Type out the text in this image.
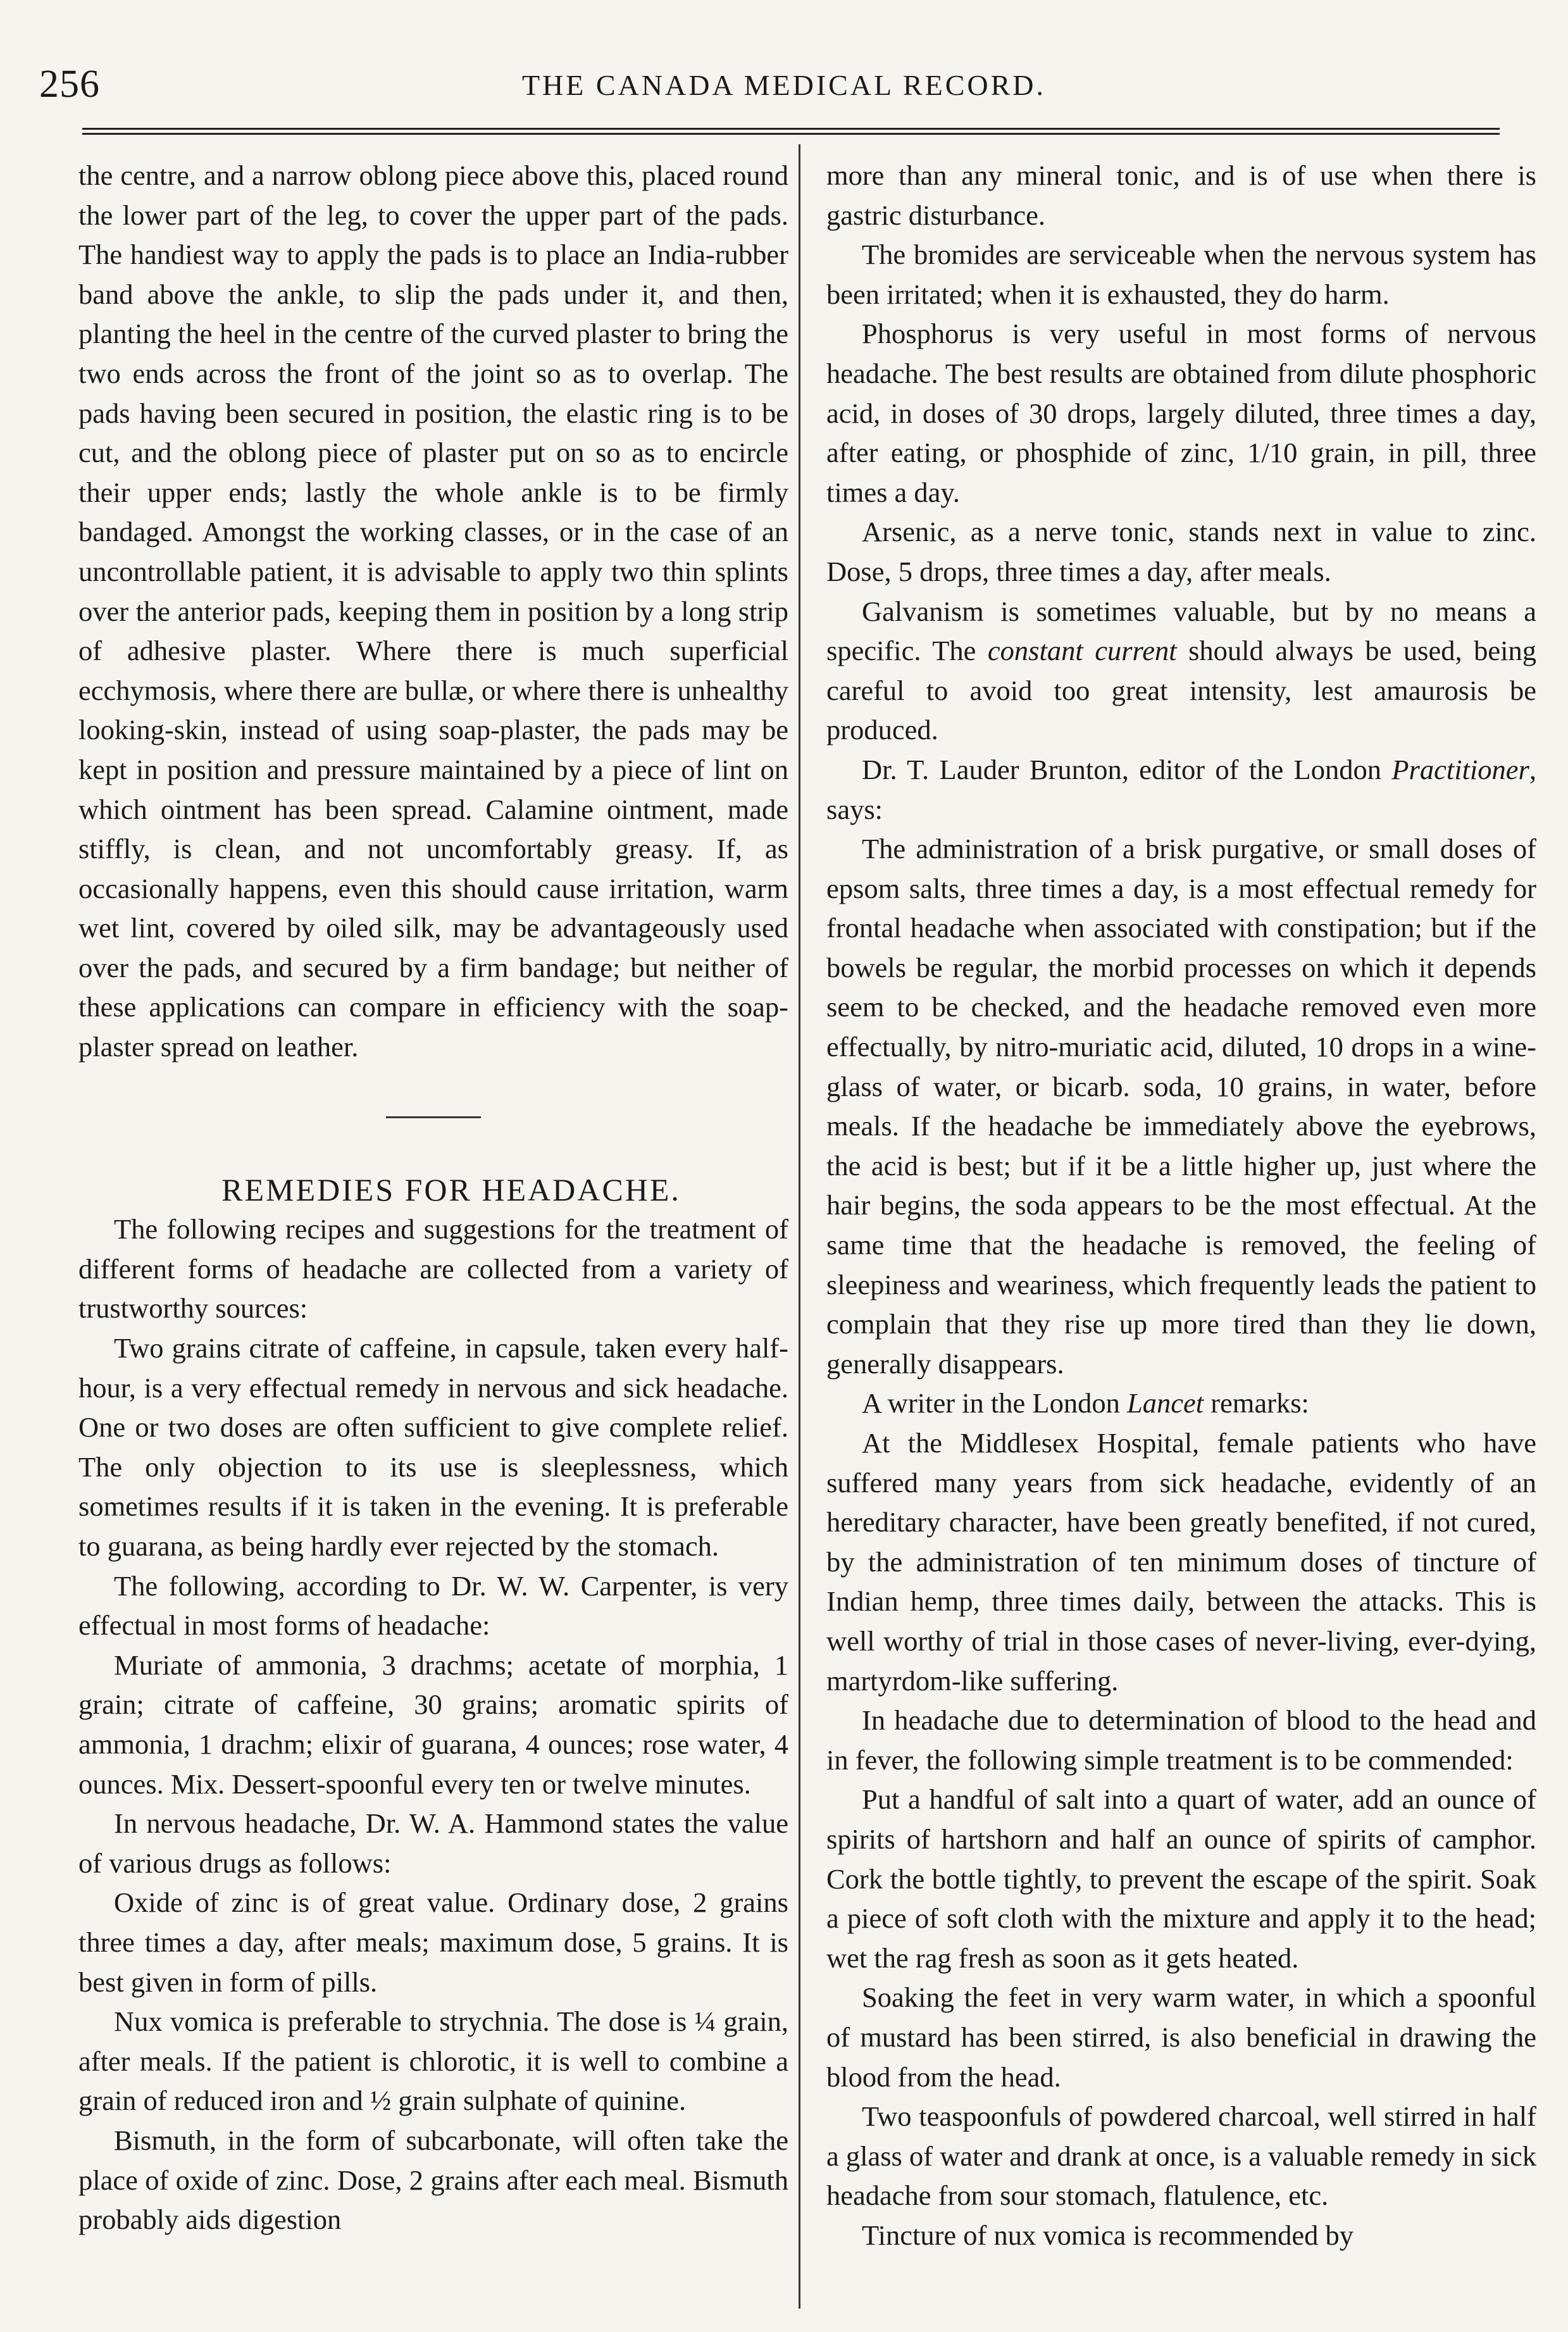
256	THE CANADA MEDICAL RECORD.

the centre, and a narrow oblong piece above this, placed round the lower part of the leg, to cover the upper part of the pads. The handiest way to apply the pads is to place an India-rubber band above the ankle, to slip the pads under it, and then, planting the heel in the centre of the curved plaster to bring the two ends across the front of the joint so as to overlap. The pads having been secured in position, the elastic ring is to be cut, and the oblong piece of plaster put on so as to encircle their upper ends; lastly the whole ankle is to be firmly bandaged. Amongst the working classes, or in the case of an uncontrollable patient, it is advisable to apply two thin splints over the anterior pads, keeping them in position by a long strip of adhesive plaster. Where there is much superficial ecchymosis, where there are bullæ, or where there is unhealthy looking-skin, instead of using soap-plaster, the pads may be kept in position and pressure maintained by a piece of lint on which ointment has been spread. Calamine ointment, made stiffly, is clean, and not uncomfortably greasy. If, as occasionally happens, even this should cause irritation, warm wet lint, covered by oiled silk, may be advantageously used over the pads, and secured by a firm bandage; but neither of these applications can compare in efficiency with the soap-plaster spread on leather.

REMEDIES FOR HEADACHE.

The following recipes and suggestions for the treatment of different forms of headache are collected from a variety of trustworthy sources:

Two grains citrate of caffeine, in capsule, taken every half-hour, is a very effectual remedy in nervous and sick headache. One or two doses are often sufficient to give complete relief. The only objection to its use is sleeplessness, which sometimes results if it is taken in the evening. It is preferable to guarana, as being hardly ever rejected by the stomach.

The following, according to Dr. W. W. Carpenter, is very effectual in most forms of headache:

Muriate of ammonia, 3 drachms; acetate of morphia, 1 grain; citrate of caffeine, 30 grains; aromatic spirits of ammonia, 1 drachm; elixir of guarana, 4 ounces; rose water, 4 ounces. Mix. Dessert-spoonful every ten or twelve minutes.

In nervous headache, Dr. W. A. Hammond states the value of various drugs as follows:

Oxide of zinc is of great value. Ordinary dose, 2 grains three times a day, after meals; maximum dose, 5 grains. It is best given in form of pills.

Nux vomica is preferable to strychnia. The dose is ¼ grain, after meals. If the patient is chlorotic, it is well to combine a grain of reduced iron and ½ grain sulphate of quinine.

Bismuth, in the form of subcarbonate, will often take the place of oxide of zinc. Dose, 2 grains after each meal. Bismuth probably aids digestion

more than any mineral tonic, and is of use when there is gastric disturbance.

The bromides are serviceable when the nervous system has been irritated; when it is exhausted, they do harm.

Phosphorus is very useful in most forms of nervous headache. The best results are obtained from dilute phosphoric acid, in doses of 30 drops, largely diluted, three times a day, after eating, or phosphide of zinc, 1/10 grain, in pill, three times a day.

Arsenic, as a nerve tonic, stands next in value to zinc. Dose, 5 drops, three times a day, after meals.

Galvanism is sometimes valuable, but by no means a specific. The constant current should always be used, being careful to avoid too great intensity, lest amaurosis be produced.

Dr. T. Lauder Brunton, editor of the London Practitioner, says:

The administration of a brisk purgative, or small doses of epsom salts, three times a day, is a most effectual remedy for frontal headache when associated with constipation; but if the bowels be regular, the morbid processes on which it depends seem to be checked, and the headache removed even more effectually, by nitro-muriatic acid, diluted, 10 drops in a wine-glass of water, or bicarb. soda, 10 grains, in water, before meals. If the headache be immediately above the eyebrows, the acid is best; but if it be a little higher up, just where the hair begins, the soda appears to be the most effectual. At the same time that the headache is removed, the feeling of sleepiness and weariness, which frequently leads the patient to complain that they rise up more tired than they lie down, generally disappears.

A writer in the London Lancet remarks:

At the Middlesex Hospital, female patients who have suffered many years from sick headache, evidently of an hereditary character, have been greatly benefited, if not cured, by the administration of ten minimum doses of tincture of Indian hemp, three times daily, between the attacks. This is well worthy of trial in those cases of never-living, ever-dying, martyrdom-like suffering.

In headache due to determination of blood to the head and in fever, the following simple treatment is to be commended:

Put a handful of salt into a quart of water, add an ounce of spirits of hartshorn and half an ounce of spirits of camphor. Cork the bottle tightly, to prevent the escape of the spirit. Soak a piece of soft cloth with the mixture and apply it to the head; wet the rag fresh as soon as it gets heated.

Soaking the feet in very warm water, in which a spoonful of mustard has been stirred, is also beneficial in drawing the blood from the head.

Two teaspoonfuls of powdered charcoal, well stirred in half a glass of water and drank at once, is a valuable remedy in sick headache from sour stomach, flatulence, etc.

Tincture of nux vomica is recommended by
